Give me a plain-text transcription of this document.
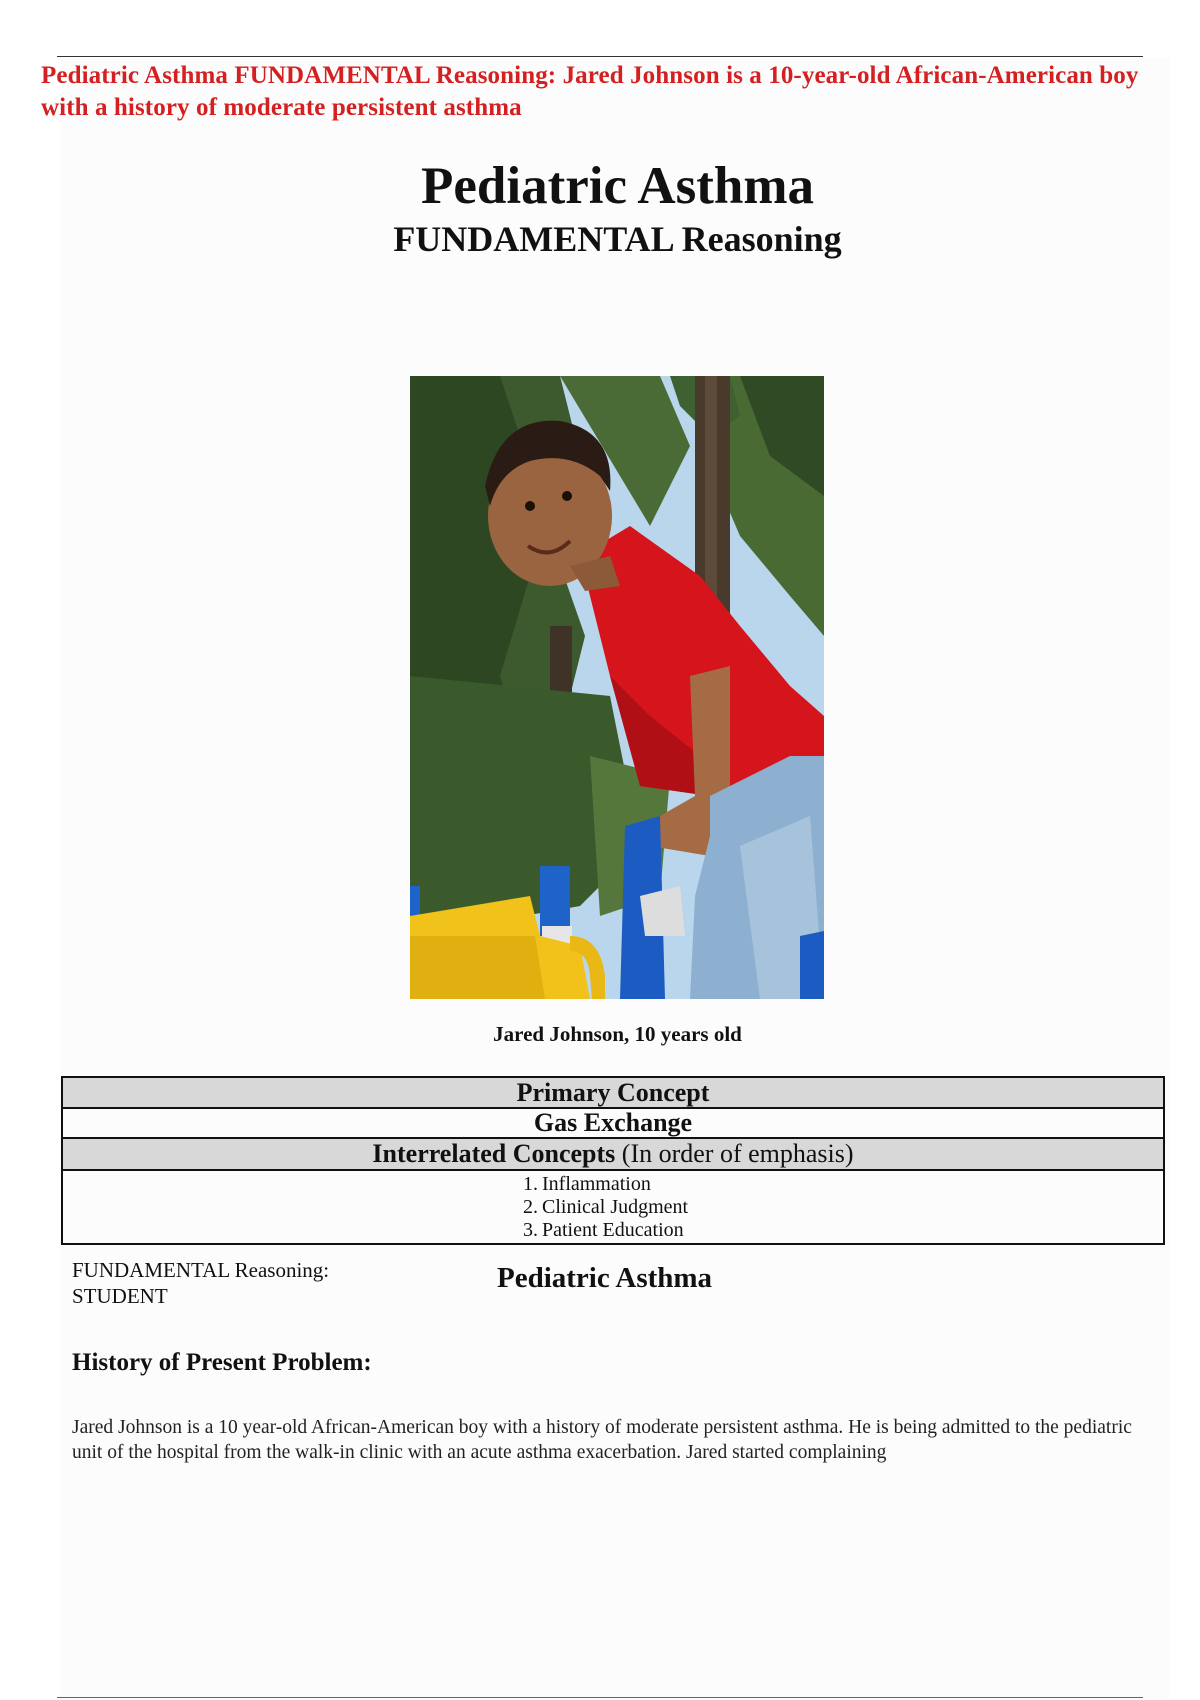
Pediatric Asthma FUNDAMENTAL Reasoning: Jared Johnson is a 10-year-old African-American boy with a history of moderate persistent asthma
Pediatric Asthma
FUNDAMENTAL Reasoning
Jared Johnson, 10 years old
Primary Concept
Gas Exchange
Interrelated Concepts (In order of emphasis)
1. Inflammation
2. Clinical Judgment
3. Patient Education
FUNDAMENTAL Reasoning:
STUDENT
Pediatric Asthma
History of Present Problem:
Jared Johnson is a 10 year-old African-American boy with a history of moderate persistent asthma. He is being admitted to the pediatric unit of the hospital from the walk-in clinic with an acute asthma exacerbation. Jared started complaining
